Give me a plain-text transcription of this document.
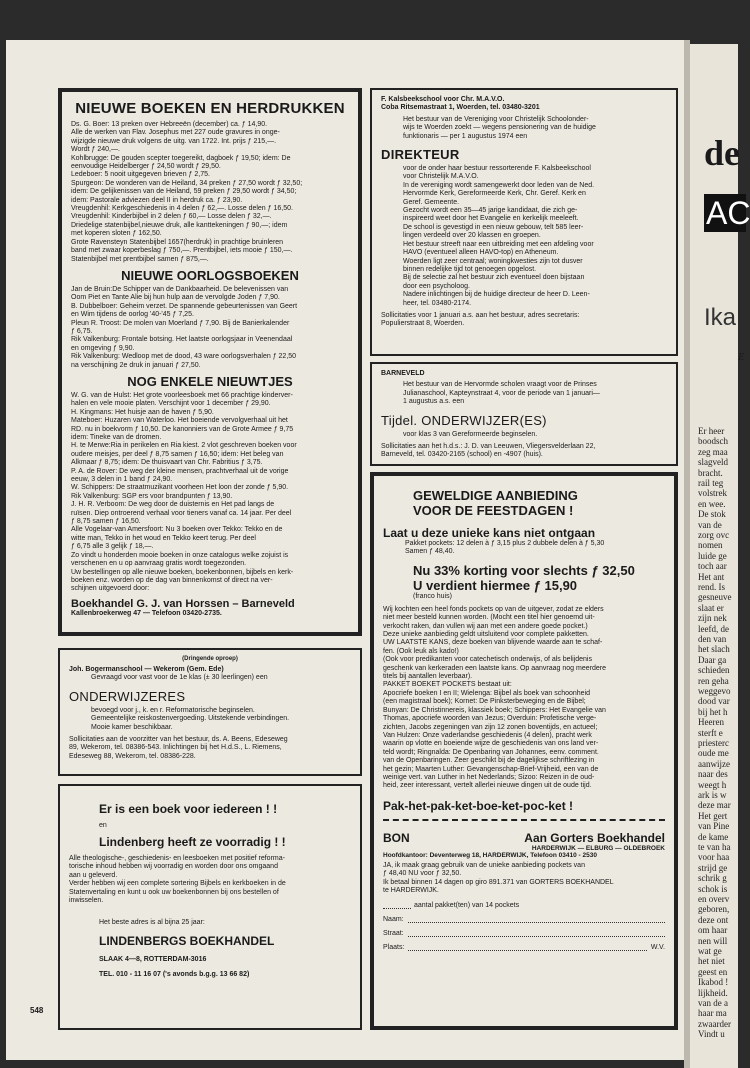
NIEUWE BOEKEN EN HERDRUKKEN

Ds. G. Boer: 13 preken over Hebreeën (december) ca. ƒ 14,90.

Alle de werken van Flav. Josephus met 227 oude gravures in onge-

wijzigde nieuwe druk volgens de uitg. van 1722. Int. prijs ƒ 215,—.

Wordt ƒ 240,—.

Kohlbrugge: De gouden scepter toegereikt, dagboek ƒ 19,50; idem: De

eenvoudige Heidelberger ƒ 24,50 wordt ƒ 29,50.

Ledeboer: 5 nooit uitgegeven brieven ƒ 2,75.

Spurgeon: De wonderen van de Heiland, 34 preken ƒ 27,50 wordt ƒ 32,50;

idem: De gelijkenissen van de Heiland, 59 preken ƒ 29,50 wordt ƒ 34,50;

idem: Pastorale adviezen deel II in herdruk ca. ƒ 23,90.

Vreugdenhil: Kerkgeschiedenis in 4 delen ƒ 62,—. Losse delen ƒ 16,50.

Vreugdenhil: Kinderbijbel in 2 delen ƒ 60,— Losse delen ƒ 32,—.

Driedelige statenbijbel,nieuwe druk, alle kanttekeningen ƒ 90,—; idem

met koperen sloten ƒ 162,50.

Grote Ravensteyn Statenbijbel 1657(herdruk) in prachtige bruinleren

band met zwaar koperbeslag ƒ 750,—. Prentbijbel, iets mooie ƒ 150,—.

Statenbijbel met prentbijbel samen ƒ 875,—.

NIEUWE OORLOGSBOEKEN

Jan de Bruin:De Schipper van de Dankbaarheid. De belevenissen van

Oom Piet en Tante Alie bij hun hulp aan de vervolgde Joden ƒ 7,90.

B. Dubbelboer: Geheim verzet. De spannende gebeurtenissen van Geert

en Wim tijdens de oorlog '40-'45 ƒ 7,25.

Pleun R. Troost: De molen van Moerland ƒ 7,90. Bij de Banierkalender

ƒ 6,75.

Rik Valkenburg: Frontale botsing. Het laatste oorlogsjaar in Veenendaal

en omgeving ƒ 9,90.

Rik Valkenburg: Wedloop met de dood, 43 ware oorlogsverhalen ƒ 22,50

na verschijning 2e druk in januari ƒ 27,50.

NOG ENKELE NIEUWTJES

W. G. van de Hulst: Het grote voorleesboek met 66 prachtige kinderver-

halen en vele mooie platen. Verschijnt voor 1 december ƒ 29,90.

H. Kingmans: Het huisje aan de haven ƒ 5,90.

Mateboer: Huzaren van Waterloo. Het boeiende vervolgverhaal uit het

RD. nu in boekvorm ƒ 10,50. De kanonniers van de Grote Armee ƒ 9,75

idem: Tineke van de dromen.

H. te Merwe:Ria in perikelen en Ria kiest. 2 vlot geschreven boeken voor

oudere meisjes, per deel ƒ 8,75 samen ƒ 16,50; idem: Het beleg van

Alkmaar ƒ 8,75; idem: De thuisvaart van Chr. Fabritius ƒ 3,75.

P. A. de Rover: De weg der kleine mensen, prachtverhaal uit de vorige

eeuw, 3 delen in 1 band ƒ 24,90.

W. Schippers: De straatmuzikant voorheen Het loon der zonde ƒ 5,90.

Rik Valkenburg: SGP ers voor brandpunten ƒ 13,90.

J. H. R. Verboom: De weg door de duisternis en Het pad langs de

ruïsen. Diep ontroerend verhaal voor tieners vanaf ca. 14 jaar. Per deel

ƒ 8,75 samen ƒ 16,50.

Alle Vogelaar-van Amersfoort: Nu 3 boeken over Tekko: Tekko en de

witte man, Tekko in het woud en Tekko keert terug. Per deel

ƒ 6,75 alle 3 gelijk ƒ 18,—.

Zo vindt u honderden mooie boeken in onze catalogus welke zojuist is

verschenen en u op aanvraag gratis wordt toegezonden.

Uw bestellingen op alle nieuwe boeken, boekenbonnen, bijbels en kerk-

boeken enz. worden op de dag van binnenkomst of direct na ver-

schijnen uitgevoerd door:

Boekhandel G. J. van Horssen – Barneveld
Kallenbroekerweg 47 — Telefoon 03420-2735.
(Dringende oproep)

Joh. Bogermanschool — Wekerom (Gem. Ede)

Gevraagd voor vast voor de 1e klas (± 30 leerlingen) een

ONDERWIJZERES

bevoegd voor j., k. en r. Reformatorische beginselen.

Gemeentelijke reiskostenvergoeding. Uitstekende verbindingen.

Mooie kamer beschikbaar.

Sollicitaties aan de voorzitter van het bestuur, ds. A. Beens, Edeseweg

89, Wekerom, tel. 08386-543. Inlichtingen bij het H.d.S., L. Riemens,

Edeseweg 88, Wekerom, tel. 08386-228.

Er is een boek voor iedereen ! !
en
Lindenberg heeft ze voorradig ! !

Alle theologische-, geschiedenis- en leesboeken met positief reforma-

torische inhoud hebben wij voorradig en worden door ons omgaand

aan u geleverd.

Verder hebben wij een complete sortering Bijbels en kerkboeken in de

Statenvertaling en kunt u ook uw boekenbonnen bij ons bestellen of

inwisselen.

Het beste adres is al bijna 25 jaar:
LINDENBERGS BOEKHANDEL
SLAAK 4—8, ROTTERDAM-3016
TEL. 010 - 11 16 07 ('s avonds b.g.g. 13 66 82)

F. Kalsbeekschool voor Chr. M.A.V.O.

Coba Ritsemastraat 1, Woerden, tel. 03480-3201

Het bestuur van de Vereniging voor Christelijk Schoolonder-

wijs te Woerden zoekt — wegens pensionering van de huidige

funktionaris — per 1 augustus 1974 een

DIREKTEUR

voor de onder haar bestuur ressorterende F. Kalsbeekschool

voor Christelijk M.A.V.O.

In de vereniging wordt samengewerkt door leden van de Ned.

Hervormde Kerk, Gereformeerde Kerk, Chr. Geref. Kerk en

Geref. Gemeente.

Gezocht wordt een 35—45 jarige kandidaat, die zich ge-

inspireerd weet door het Evangelie en kerkelijk meeleeft.

De school is gevestigd in een nieuw gebouw, telt 585 leer-

lingen verdeeld over 20 klassen en groepen.

Het bestuur streeft naar een uitbreiding met een afdeling voor

HAVO (eventueel alleen HAVO-top) en Atheneum.

Woerden ligt zeer centraal; woningkwesties zijn tot dusver

binnen redelijke tijd tot genoegen opgelost.

Bij de selectie zal het bestuur zich eventueel doen bijstaan

door een psycholoog.

Nadere inlichtingen bij de huidige directeur de heer D. Leen-

heer, tel. 03480-2174.

Sollicitaties voor 1 januari a.s. aan het bestuur, adres secretaris:

Populierstraat 8, Woerden.

BARNEVELD

Het bestuur van de Hervormde scholen vraagt voor de Prinses

Julianaschool, Kapteynstraat 4, voor de periode van 1 januari—

1 augustus a.s. een

Tijdel. ONDERWIJZER(ES)

voor klas 3 van Gereformeerde beginselen.

Sollicitaties aan het h.d.s.: J. D. van Leeuwen, Vliegersvelderlaan 22,

Barneveld, tel. 03420-2165 (school) en -4907 (huis).

GEWELDIGE AANBIEDING
VOOR DE FEESTDAGEN !
Laat u deze unieke kans niet ontgaan

Pakket pockets: 12 delen à ƒ 3,15 plus 2 dubbele delen à ƒ 5,30

Samen ƒ 48,40.

Nu 33% korting voor slechts ƒ 32,50
U verdient hiermee ƒ 15,90
(franco huis)

Wij kochten een heel fonds pockets op van de uitgever, zodat ze elders

niet meer besteld kunnen worden. (Mocht een titel hier genoemd uit-

verkocht raken, dan vullen wij aan met een andere goede pocket.)

Deze unieke aanbieding geldt uitsluitend voor complete pakketten.

UW LAATSTE KANS, deze boeken van blijvende waarde aan te schaf-

fen. (Ook leuk als kado!)

(Ook voor predikanten voor catechetisch onderwijs, of als belijdenis

geschenk van kerkeraden een laatste kans. Op aanvraag nog meerdere

titels bij aantallen leverbaar).

PAKKET BOEKET POCKETS bestaat uit:

Apocriefe boeken I en II; Wielenga: Bijbel als boek van schoonheid

(een magistraal boek); Kornet: De Pinksterbeweging en de Bijbel;

Bunyan: De Christinnereis, klassiek boek; Schippers: Het Evangelie van

Thomas, apocriefe woorden van Jezus; Overduin: Profetische verge-

zichten, Jacobs zegeningen van zijn 12 zonen boventijds, en actueel;

Van Hulzen: Onze vaderlandse geschiedenis (4 delen), pracht werk

waarin op vlotte en boeiende wijze de geschiedenis van ons land ver-

teld wordt; Ringnalda: De Openbaring van Johannes, eenv. comment.

van de Openbaringen. Zeer geschikt bij de dagelijkse schriftlezing in

het gezin; Maarten Luther: Gevangenschap-Brief-Vrijheid, een van de

weinige vert. van Luther in het Nederlands; Sizoo: Reizen in de oud-

heid, zeer interessant, vertelt allerlei nieuwe dingen uit de oude tijd.

Pak-het-pak-ket-boe-ket-poc-ket !
BON	Aan Gorters Boekhandel
HARDERWIJK — ELBURG — OLDEBROEK
Hoofdkantoor: Deventerweg 18, HARDERWIJK, Telefoon 03410 - 2530

JA, ik maak graag gebruik van de unieke aanbieding pockets van

ƒ 48,40 NU voor ƒ 32,50.

Ik betaal binnen 14 dagen op giro 891.371 van GORTERS BOEKHANDEL

te HARDERWIJK.

aantal pakket(ten) van 14 pockets
Naam:
Straat:
Plaats:	W.V.
548
de
AC
Ika
E
Er heer
boodsch
zeg maa
slagveld
bracht.
rail teg
volstrek
en wee.
De stok
van de
zorg ovc
nomen
luide ge
toch aar
Het ant
rend. Is
gesneuve
slaat er
zijn nek
leefd, de
den van
het slach
Daar ga
schieden
ren geha
weggevo
dood var
bij het h
Heeren
sterft e
priesterc
oude me
aanwijze
naar des
weegt h
ark is w
deze mar
Het gert
van Pine
de kame
te van ha
voor haa
strijd ge
schrik g
schok is
en overv
geboren,
deze ont
om haar
nen will
wat ge
het niet
geest en
Ikabod !
lijkheid.
van de a
haar ma
zwaarder
Vindt u
